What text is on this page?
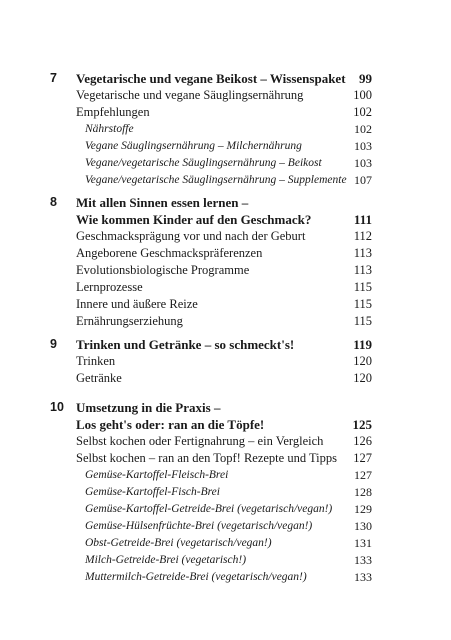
7 Vegetarische und vegane Beikost – Wissenspaket 99
Vegetarische und vegane Säuglingsernährung	100
Empfehlungen	102
Nährstoffe	102
Vegane Säuglingsernährung – Milchernährung	103
Vegane/vegetarische Säuglingsernährung – Beikost	103
Vegane/vegetarische Säuglingsernährung – Supplemente 107
8 Mit allen Sinnen essen lernen –
Wie kommen Kinder auf den Geschmack?	111
Geschmacksprägung vor und nach der Geburt	112
Angeborene Geschmackspräferenzen	113
Evolutionsbiologische Programme	113
Lernprozesse	115
Innere und äußere Reize	115
Ernährungserziehung	115
9 Trinken und Getränke – so schmeckt's!	119
Trinken	120
Getränke	120
10 Umsetzung in die Praxis –
Los geht's oder: ran an die Töpfe!	125
Selbst kochen oder Fertignahrung – ein Vergleich 126
Selbst kochen – ran an den Topf! Rezepte und Tipps 127
Gemüse-Kartoffel-Fleisch-Brei	127
Gemüse-Kartoffel-Fisch-Brei	128
Gemüse-Kartoffel-Getreide-Brei (vegetarisch/vegan!) 129
Gemüse-Hülsenfrüchte-Brei (vegetarisch/vegan!)	130
Obst-Getreide-Brei (vegetarisch/vegan!)	131
Milch-Getreide-Brei (vegetarisch!)	133
Muttermilch-Getreide-Brei (vegetarisch/vegan!)	133
